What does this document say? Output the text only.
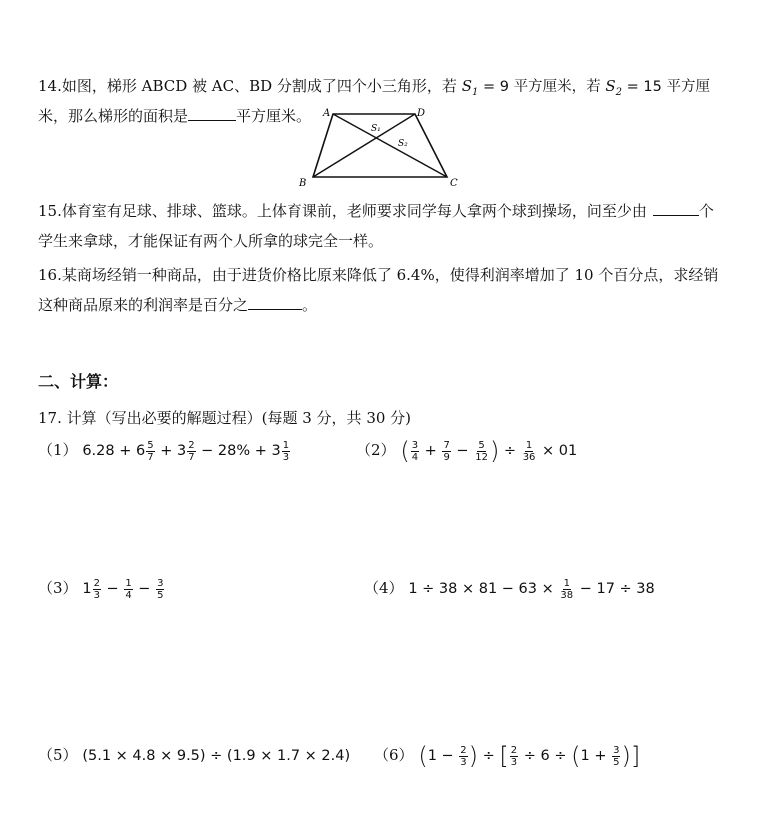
14.如图，梯形 ABCD 被 AC、BD 分割成了四个小三角形，若 $S_1 = 9$ 平方厘米，若 $S_2 = 15$ 平方厘
米，那么梯形的面积是	平方厘米。 A	D
B	C
S₁
S₂
15.体育室有足球、排球、篮球。上体育课前，老师要求同学每人拿两个球到操场，问至少由	个
学生来拿球，才能保证有两个人所拿的球完全一样。
16.某商场经销一种商品，由于进货价格比原来降低了 6.4%，使得利润率增加了 10 个百分点，求经销
这种商品原来的利润率是百分之	。
二、计算：
17. 计算（写出必要的解题过程）(每题 3 分，共 30 分)
（1） $6.28 + 6 \frac{5}{7} + 3 \frac{2}{7} - 28\% + 3 \frac{1}{3}$	（2） ( $\frac{3}{4} + \frac{7}{9} - \frac{5}{12}$ ) ÷ $\frac{1}{36} \times 01$
（3） $1 \frac{2}{3} - \frac{1}{4} - \frac{3}{5}$	（4） $1 \div 38 \times 81 - 63 \times \frac{1}{38} - 17 \div 38$
（5） (5.1 × 4.8 × 9.5) ÷ (1.9 × 1.7 × 2.4) （6） ($1 - \frac{2}{3}$ ) ÷ [ $\frac{2}{3} \div 6 \div (1 + \frac{3}{5}$ )]
